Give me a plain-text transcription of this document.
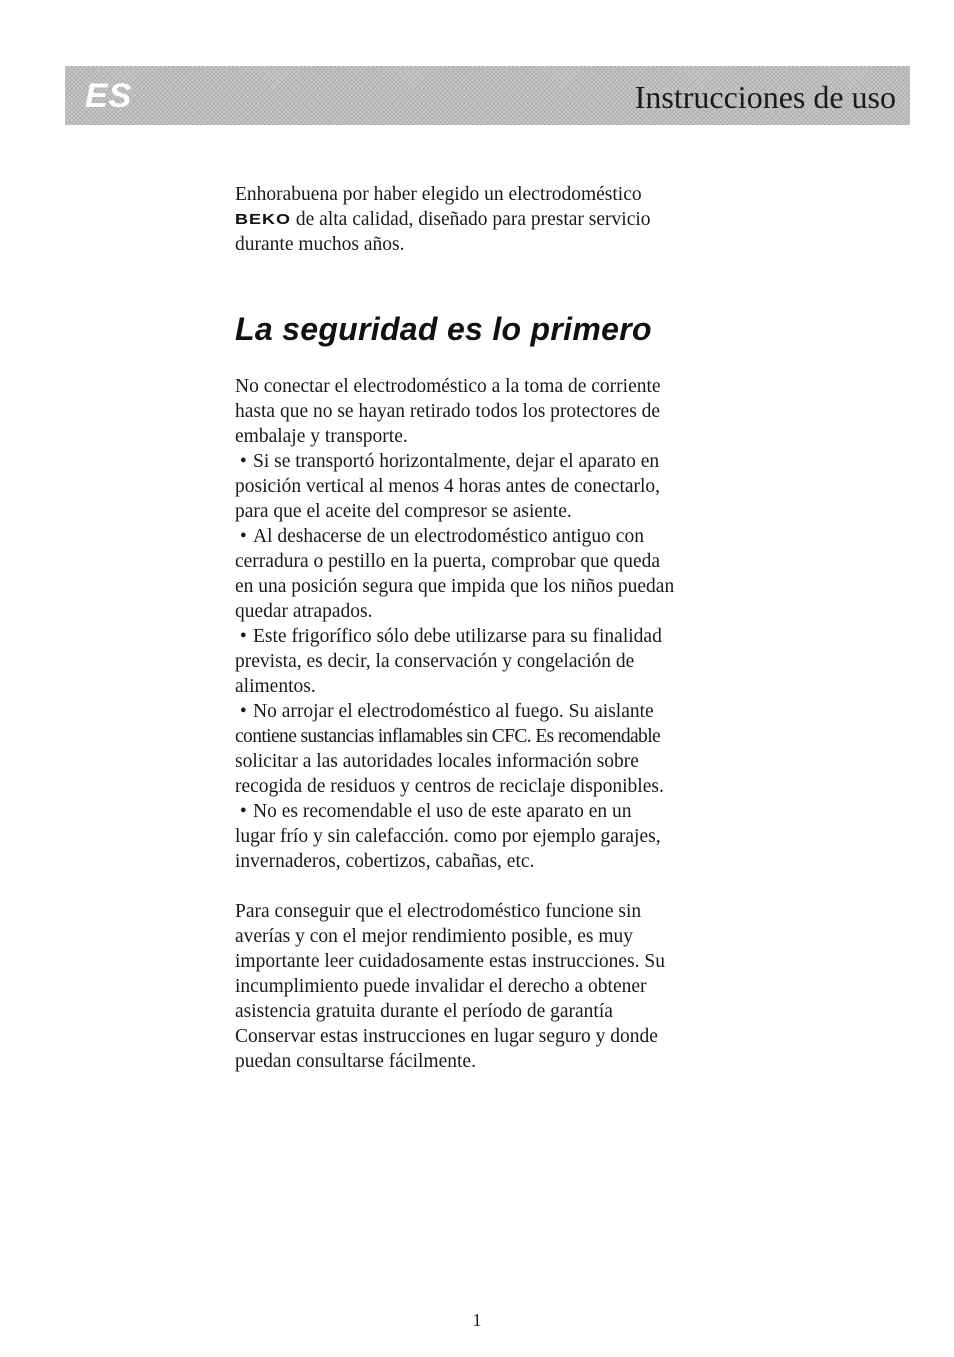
ES	Instrucciones de uso

Enhorabuena por haber elegido un electrodoméstico
BEKO de alta calidad, diseñado para prestar servicio
durante muchos años.

La seguridad es lo primero
No conectar el electrodoméstico a la toma de corriente
hasta que no se hayan retirado todos los protectores de
embalaje y transporte.
• Si se transportó horizontalmente, dejar el aparato en
posición vertical al menos 4 horas antes de conectarlo,
para que el aceite del compresor se asiente.
• Al deshacerse de un electrodoméstico antiguo con
cerradura o pestillo en la puerta, comprobar que queda
en una posición segura que impida que los niños puedan
quedar atrapados.
• Este frigorífico sólo debe utilizarse para su finalidad
prevista, es decir, la conservación y congelación de
alimentos.
• No arrojar el electrodoméstico al fuego. Su aislante
contiene sustancias inflamables sin CFC. Es recomendable
solicitar a las autoridades locales información sobre
recogida de residuos y centros de reciclaje disponibles.
• No es recomendable el uso de este aparato en un
lugar frío y sin calefacción. como por ejemplo garajes,
invernaderos, cobertizos, cabañas, etc.
Para conseguir que el electrodoméstico funcione sin
averías y con el mejor rendimiento posible, es muy
importante leer cuidadosamente estas instrucciones. Su
incumplimiento puede invalidar el derecho a obtener
asistencia gratuita durante el período de garantía
Conservar estas instrucciones en lugar seguro y donde
puedan consultarse fácilmente.
1
